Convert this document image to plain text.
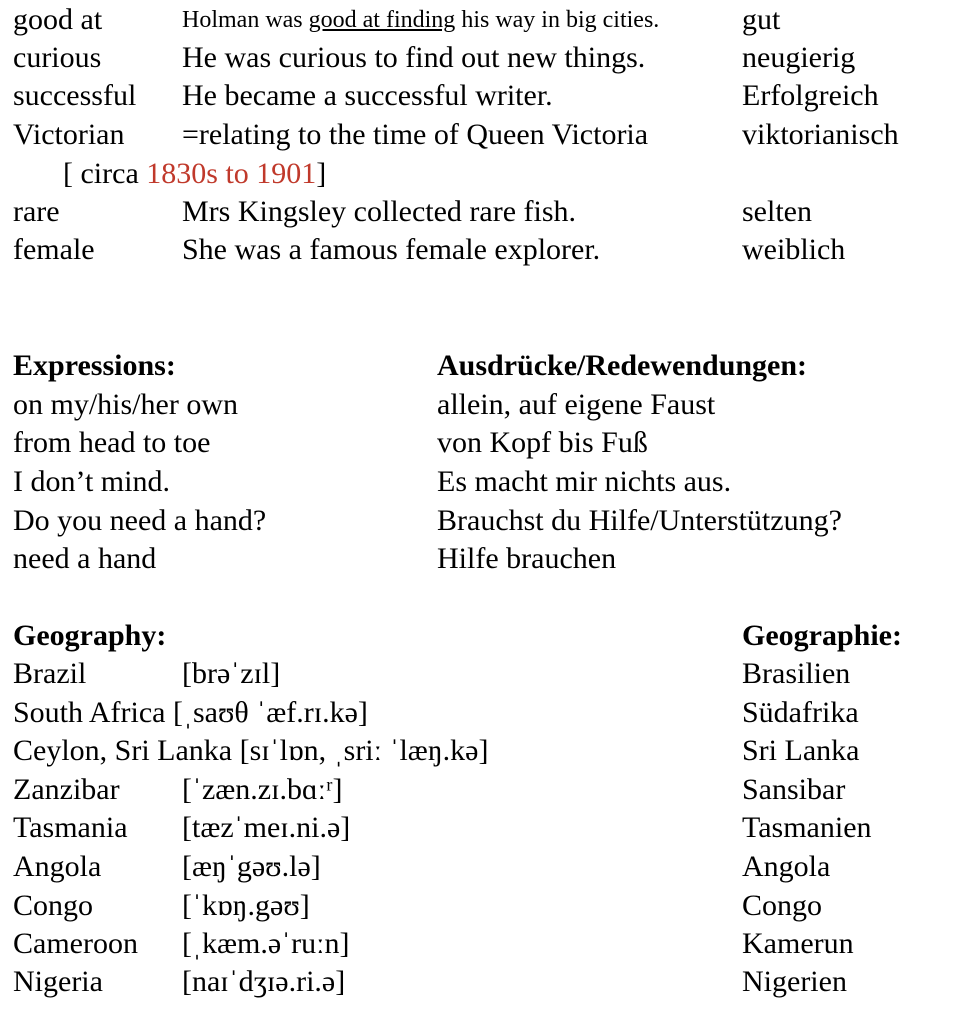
good at	Holman was good at finding his way in big cities.	gut
curious	He was curious to find out new things.	neugierig
successful He became a successful writer.	Erfolgreich
Victorian =relating to the time of Queen Victoria	viktorianisch
[ circa 1830s to 1901]
rare	Mrs Kingsley collected rare fish.	selten
female	She was a famous female explorer.	weiblich
Expressions:	Ausdrücke/Redewendungen:
on my/his/her own	allein, auf eigene Faust
from head to toe	von Kopf bis Fuß
I don’t mind.	Es macht mir nichts aus.
Do you need a hand?	Brauchst du Hilfe/Unterstützung?
need a hand	Hilfe brauchen
Geography:	Geographie:
Brazil	[brəˈzɪl]	Brasilien
South Africa [ˌsaʊθ ˈæf.rɪ.kə]	Südafrika
Ceylon, Sri Lanka [sɪˈlɒn, ˌsriː ˈlæŋ.kə]	Sri Lanka
Zanzibar [ˈzæn.zɪ.bɑːʳ]	Sansibar
Tasmania [tæzˈmeɪ.ni.ə]	Tasmanien
Angola	[æŋˈgəʊ.lə]	Angola
Congo	[ˈkɒŋ.gəʊ]	Congo
Cameroon [ˌkæm.əˈruːn]	Kamerun
Nigeria	[naɪˈdʒɪə.ri.ə]	Nigerien
